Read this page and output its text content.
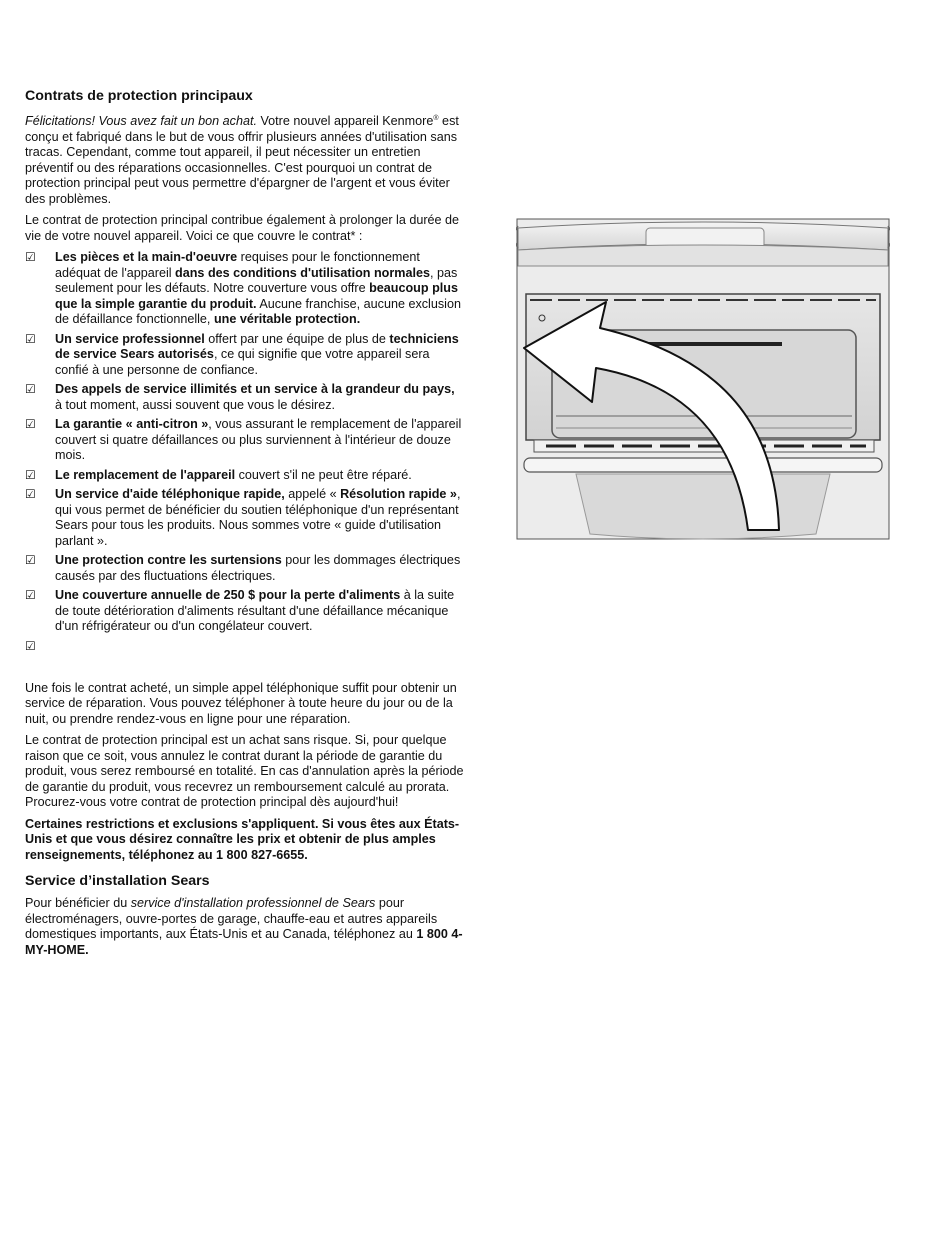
Contrats de protection principaux

Félicitations! Vous avez fait un bon achat. Votre nouvel appareil Kenmore® est conçu et fabriqué dans le but de vous offrir plusieurs années d'utilisation sans tracas. Cependant, comme tout appareil, il peut nécessiter un entretien préventif ou des réparations occasionnelles. C'est pourquoi un contrat de protection principal peut vous permettre d'épargner de l'argent et vous éviter des problèmes.

Le contrat de protection principal contribue également à prolonger la durée de vie de votre nouvel appareil. Voici ce que couvre le contrat* :

☑ Les pièces et la main-d'oeuvre requises pour le fonctionnement adéquat de l'appareil dans des conditions d'utilisation normales, pas seulement pour les défauts. Notre couverture vous offre beaucoup plus que la simple garantie du produit. Aucune franchise, aucune exclusion de défaillance fonctionnelle, une véritable protection.
☑ Un service professionnel offert par une équipe de plus de techniciens de service Sears autorisés, ce qui signifie que votre appareil sera confié à une personne de confiance.
☑ Des appels de service illimités et un service à la grandeur du pays, à tout moment, aussi souvent que vous le désirez.
☑ La garantie « anti-citron », vous assurant le remplacement de l'appareil couvert si quatre défaillances ou plus surviennent à l'intérieur de douze mois.
☑ Le remplacement de l'appareil couvert s'il ne peut être réparé.
☑ Un service d'aide téléphonique rapide, appelé « Résolution rapide », qui vous permet de bénéficier du soutien téléphonique d'un représentant Sears pour tous les produits. Nous sommes votre « guide d'utilisation parlant ».
☑ Une protection contre les surtensions pour les dommages électriques causés par des fluctuations électriques.
☑ Une couverture annuelle de 250 $ pour la perte d'aliments à la suite de toute détérioration d'aliments résultant d'une défaillance mécanique d'un réfrigérateur ou d'un congélateur couvert.
☑

Une fois le contrat acheté, un simple appel téléphonique suffit pour obtenir un service de réparation. Vous pouvez téléphoner à toute heure du jour ou de la nuit, ou prendre rendez-vous en ligne pour une réparation.

Le contrat de protection principal est un achat sans risque. Si, pour quelque raison que ce soit, vous annulez le contrat durant la période de garantie du produit, vous serez remboursé en totalité. En cas d'annulation après la période de garantie du produit, vous recevrez un remboursement calculé au prorata. Procurez-vous votre contrat de protection principal dès aujourd'hui!

Certaines restrictions et exclusions s'appliquent. Si vous êtes aux États-Unis et que vous désirez connaître les prix et obtenir de plus amples renseignements, téléphonez au 1 800 827-6655.

Service d’installation Sears

Pour bénéficier du service d'installation professionnel de Sears pour électroménagers, ouvre-portes de garage, chauffe-eau et autres appareils domestiques importants, aux États-Unis et au Canada, téléphonez au 1 800 4-MY-HOME.
